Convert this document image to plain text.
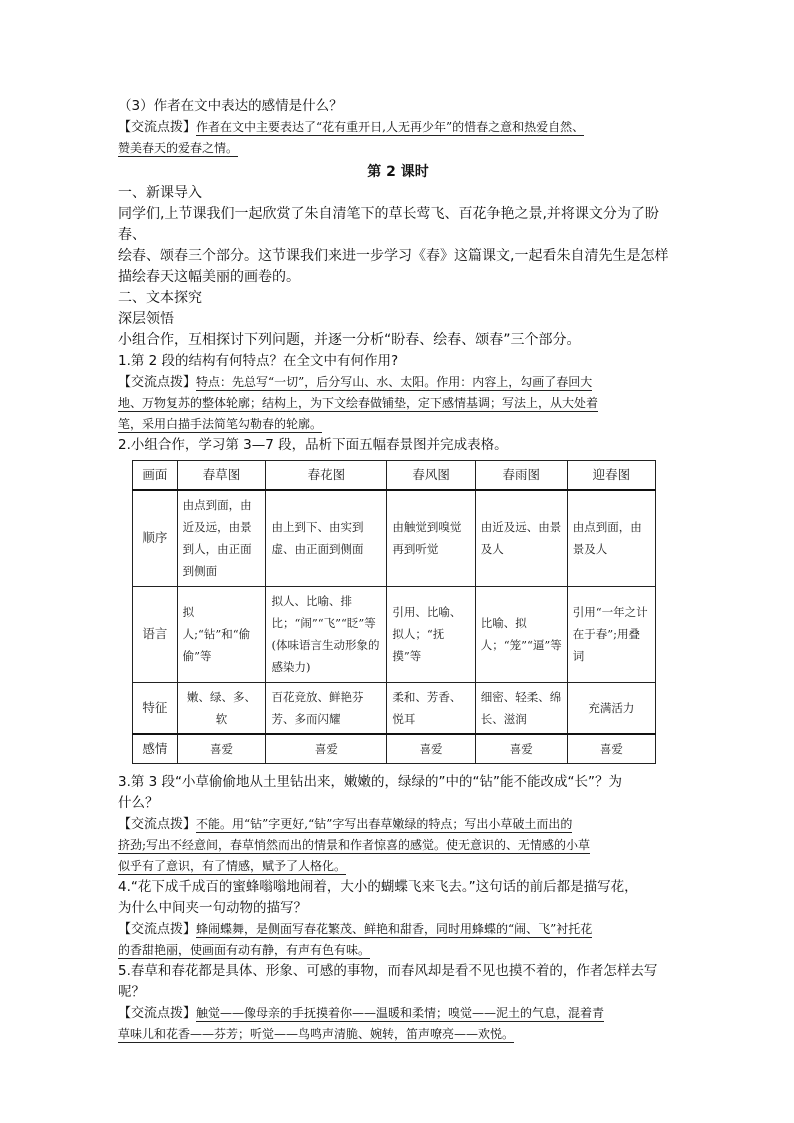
（3）作者在文中表达的感情是什么？

【交流点拨】作者在文中主要表达了“花有重开日,人无再少年”的惜春之意和热爱自然、

赞美春天的爱春之情。

第 2 课时

一、新课导入

同学们,上节课我们一起欣赏了朱自清笔下的草长莺飞、百花争艳之景,并将课文分为了盼春、

绘春、颂春三个部分。这节课我们来进一步学习《春》这篇课文,一起看朱自清先生是怎样

描绘春天这幅美丽的画卷的。

二、文本探究

深层领悟

小组合作，互相探讨下列问题，并逐一分析“盼春、绘春、颂春”三个部分。

1.第 2 段的结构有何特点？在全文中有何作用?

【交流点拨】特点：先总写“一切”，后分写山、水、太阳。作用：内容上，勾画了春回大

地、万物复苏的整体轮廓；结构上，为下文绘春做铺垫，定下感情基调；写法上，从大处着

笔，采用白描手法简笔勾勒春的轮廓。

2.小组合作，学习第 3—7 段，品析下面五幅春景图并完成表格。

画面	春草图	春花图	春风图	春雨图	迎春图
顺序	由点到面，由近及远，由景到人，由正面到侧面	由上到下、由实到虚、由正面到侧面	由触觉到嗅觉再到听觉	由近及远、由景及人	由点到面，由景及人
语言	拟人;“钻”和“偷偷”等	拟人、比喻、排比；“闹”“飞”“眨”等(体味语言生动形象的感染力)	引用、比喻、拟人；“抚摸”等	比喻、拟人；“笼”“逼”等	引用“一年之计在于春”;用叠词
特征	嫩、绿、多、软	百花竞放、鲜艳芬芳、多而闪耀	柔和、芳香、悦耳	细密、轻柔、绵长、滋润	充满活力
感情	喜爱	喜爱	喜爱	喜爱	喜爱

3.第 3 段“小草偷偷地从土里钻出来，嫩嫩的，绿绿的”中的“钻”能不能改成“长”？为

什么？

【交流点拨】不能。用“钻”字更好,“钻”字写出春草嫩绿的特点；写出小草破土而出的

挤劲;写出不经意间，春草悄然而出的情景和作者惊喜的感觉。使无意识的、无情感的小草

似乎有了意识，有了情感，赋予了人格化。

4.“花下成千成百的蜜蜂嗡嗡地闹着，大小的蝴蝶飞来飞去。”这句话的前后都是描写花，

为什么中间夹一句动物的描写？

【交流点拨】蜂闹蝶舞，是侧面写春花繁茂、鲜艳和甜香，同时用蜂蝶的“闹、飞”衬托花

的香甜艳丽，使画面有动有静，有声有色有味。

5.春草和春花都是具体、形象、可感的事物，而春风却是看不见也摸不着的，作者怎样去写

呢？

【交流点拨】触觉——像母亲的手抚摸着你——温暖和柔情；嗅觉——泥土的气息，混着青

草味儿和花香——芬芳；听觉——鸟鸣声清脆、婉转，笛声嘹亮——欢悦。
